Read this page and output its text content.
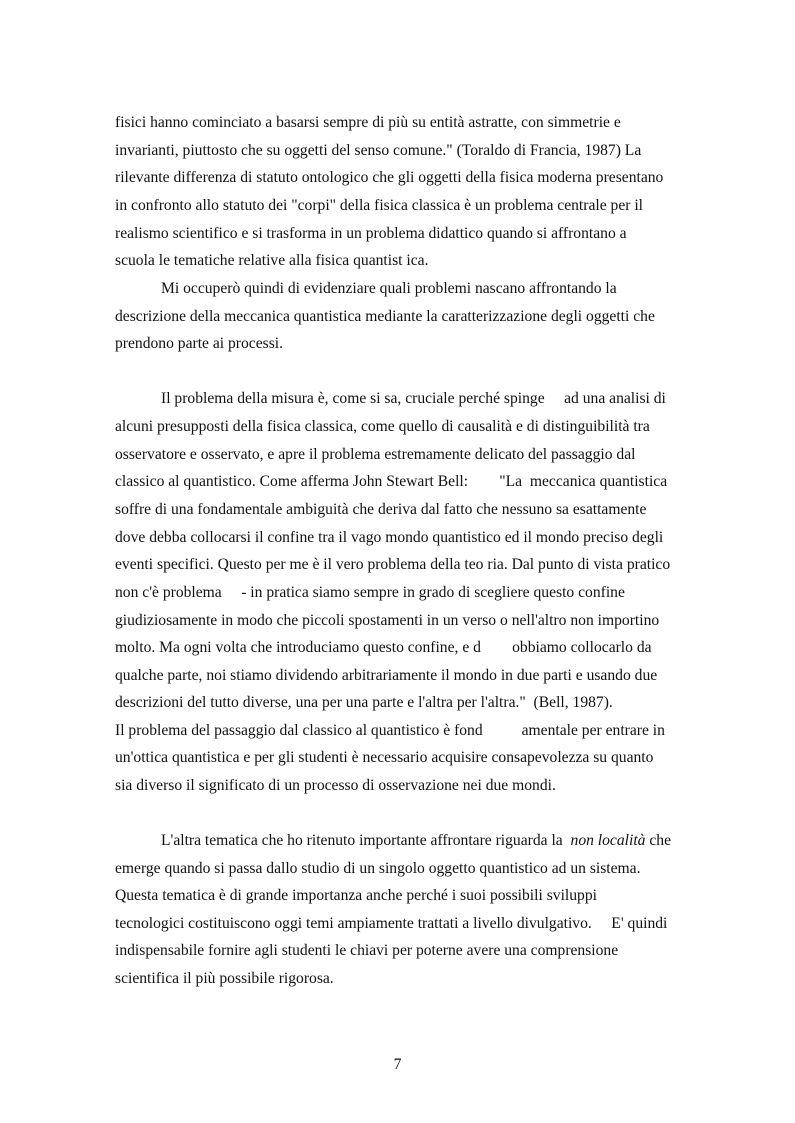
fisici hanno cominciato a basarsi sempre di più su entità astratte, con simmetrie e
invarianti, piuttosto che su oggetti del senso comune." (Toraldo di Francia, 1987) La
rilevante differenza di statuto ontologico che gli oggetti della fisica moderna presentano
in confronto allo statuto dei "corpi" della fisica classica è un problema centrale per il
realismo scientifico e si trasforma in un problema didattico quando si affrontano a
scuola le tematiche relative alla fisica quantist ica.
Mi occuperò quindi di evidenziare quali problemi nascano affrontando la
descrizione della meccanica quantistica mediante la caratterizzazione degli oggetti che
prendono parte ai processi.
Il problema della misura è, come si sa, cruciale perché spinge     ad una analisi di
alcuni presupposti della fisica classica, come quello di causalità e di distinguibilità tra
osservatore e osservato, e apre il problema estremamente delicato del passaggio dal
classico al quantistico. Come afferma John Stewart Bell:        "La  meccanica quantistica
soffre di una fondamentale ambiguità che deriva dal fatto che nessuno sa esattamente
dove debba collocarsi il confine tra il vago mondo quantistico ed il mondo preciso degli
eventi specifici. Questo per me è il vero problema della teo ria. Dal punto di vista pratico
non c'è problema     - in pratica siamo sempre in grado di scegliere questo confine
giudiziosamente in modo che piccoli spostamenti in un verso o nell'altro non importino
molto. Ma ogni volta che introduciamo questo confine, e d        obbiamo collocarlo da
qualche parte, noi stiamo dividendo arbitrariamente il mondo in due parti e usando due
descrizioni del tutto diverse, una per una parte e l'altra per l'altra."  (Bell, 1987).
Il problema del passaggio dal classico al quantistico è fond          amentale per entrare in
un'ottica quantistica e per gli studenti è necessario acquisire consapevolezza su quanto
sia diverso il significato di un processo di osservazione nei due mondi.
L'altra tematica che ho ritenuto importante affrontare riguarda la  non località che
emerge quando si passa dallo studio di un singolo oggetto quantistico ad un sistema.
Questa tematica è di grande importanza anche perché i suoi possibili sviluppi
tecnologici costituiscono oggi temi ampiamente trattati a livello divulgativo.     E' quindi
indispensabile fornire agli studenti le chiavi per poterne avere una comprensione
scientifica il più possibile rigorosa.
7
